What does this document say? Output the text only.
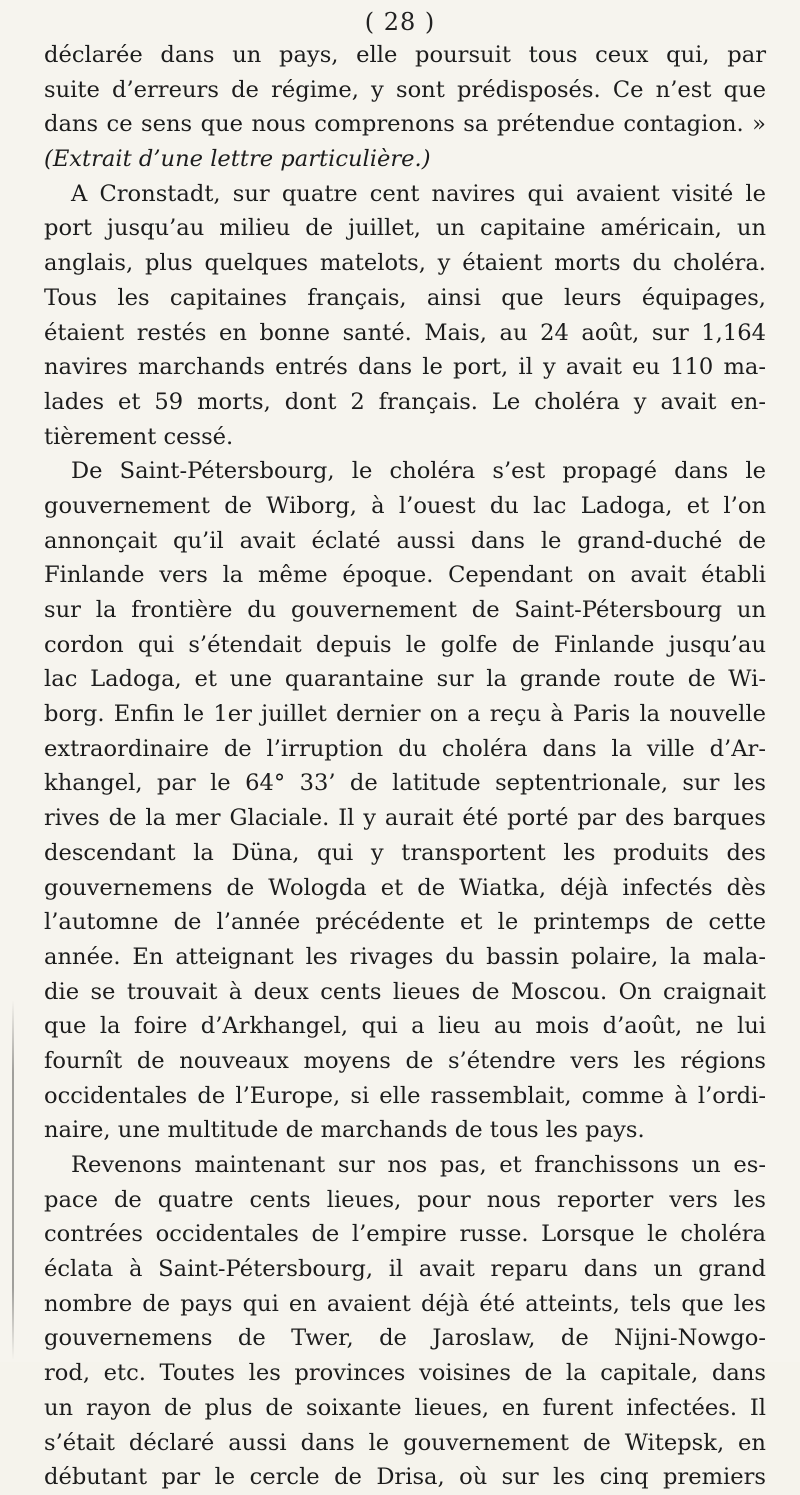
( 28 )
déclarée dans un pays, elle poursuit tous ceux qui, par
suite d’erreurs de régime, y sont prédisposés. Ce n’est que
dans ce sens que nous comprenons sa prétendue contagion. »
(Extrait d’une lettre particulière.)
A Cronstadt, sur quatre cent navires qui avaient visité le
port jusqu’au milieu de juillet, un capitaine américain, un
anglais, plus quelques matelots, y étaient morts du choléra.
Tous les capitaines français, ainsi que leurs équipages,
étaient restés en bonne santé. Mais, au 24 août, sur 1,164
navires marchands entrés dans le port, il y avait eu 110 ma-
lades et 59 morts, dont 2 français. Le choléra y avait en-
tièrement cessé.
De Saint-Pétersbourg, le choléra s’est propagé dans le
gouvernement de Wiborg, à l’ouest du lac Ladoga, et l’on
annonçait qu’il avait éclaté aussi dans le grand-duché de
Finlande vers la même époque. Cependant on avait établi
sur la frontière du gouvernement de Saint-Pétersbourg un
cordon qui s’étendait depuis le golfe de Finlande jusqu’au
lac Ladoga, et une quarantaine sur la grande route de Wi-
borg. Enfin le 1er juillet dernier on a reçu à Paris la nouvelle
extraordinaire de l’irruption du choléra dans la ville d’Ar-
khangel, par le 64° 33’ de latitude septentrionale, sur les
rives de la mer Glaciale. Il y aurait été porté par des barques
descendant la Düna, qui y transportent les produits des
gouvernemens de Wologda et de Wiatka, déjà infectés dès
l’automne de l’année précédente et le printemps de cette
année. En atteignant les rivages du bassin polaire, la mala-
die se trouvait à deux cents lieues de Moscou. On craignait
que la foire d’Arkhangel, qui a lieu au mois d’août, ne lui
fournît de nouveaux moyens de s’étendre vers les régions
occidentales de l’Europe, si elle rassemblait, comme à l’ordi-
naire, une multitude de marchands de tous les pays.
Revenons maintenant sur nos pas, et franchissons un es-
pace de quatre cents lieues, pour nous reporter vers les
contrées occidentales de l’empire russe. Lorsque le choléra
éclata à Saint-Pétersbourg, il avait reparu dans un grand
nombre de pays qui en avaient déjà été atteints, tels que les
gouvernemens de Twer, de Jaroslaw, de Nijni-Nowgo-
rod, etc. Toutes les provinces voisines de la capitale, dans
un rayon de plus de soixante lieues, en furent infectées. Il
s’était déclaré aussi dans le gouvernement de Witepsk, en
débutant par le cercle de Drisa, où sur les cinq premiers
